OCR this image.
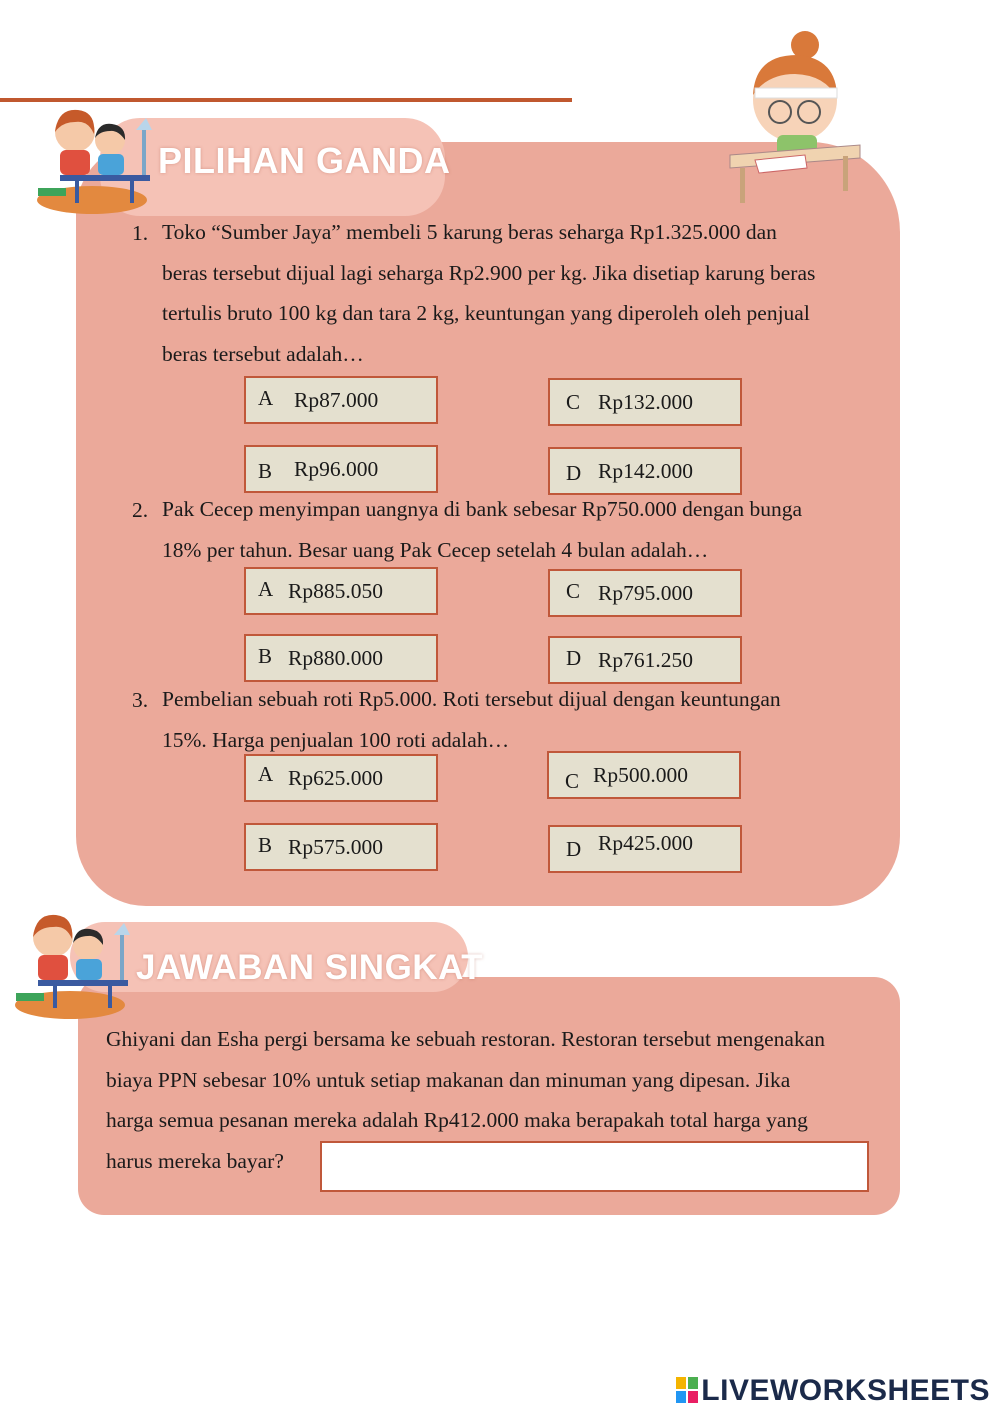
PILIHAN GANDA
1. Toko “Sumber Jaya” membeli 5 karung beras seharga Rp1.325.000 dan
beras tersebut dijual lagi seharga Rp2.900 per kg. Jika disetiap karung beras
tertulis bruto 100 kg dan tara 2 kg, keuntungan yang diperoleh oleh penjual
beras tersebut adalah…
A Rp87.000
B Rp96.000
C Rp132.000
D Rp142.000
2. Pak Cecep menyimpan uangnya di bank sebesar Rp750.000 dengan bunga
18% per tahun. Besar uang Pak Cecep setelah 4 bulan adalah…
A Rp885.050
B Rp880.000
C Rp795.000
D Rp761.250
3. Pembelian sebuah roti Rp5.000. Roti tersebut dijual dengan keuntungan
15%. Harga penjualan 100 roti adalah…
A Rp625.000
B Rp575.000
C Rp500.000
D Rp425.000
JAWABAN SINGKAT
Ghiyani dan Esha pergi bersama ke sebuah restoran. Restoran tersebut mengenakan
biaya PPN sebesar 10% untuk setiap makanan dan minuman yang dipesan. Jika
harga semua pesanan mereka adalah Rp412.000 maka berapakah total harga yang
harus mereka bayar?
LIVEWORKSHEETS
